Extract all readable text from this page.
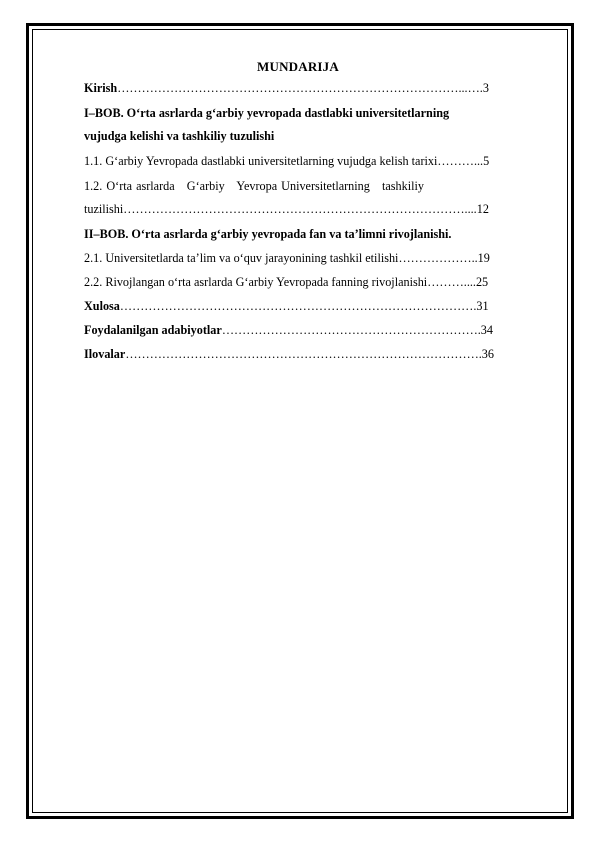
MUNDARIJA
Kirish…………………………………………………………………………...….3
I–BOB. O‘rta asrlarda g‘arbiy yevropada dastlabki universitetlarning
vujudga kelishi va tashkiliy tuzulishi
1.1. G‘arbiy Yevropada dastlabki universitetlarning vujudga kelish tarixi………...5
1.2. O‘rta asrlarda   G‘arbiy   Yevropa Universitetlarning   tashkiliy
tuzilishi…………………………………………………………………………....12
II–BOB. O‘rta asrlarda g‘arbiy yevropada fan va ta’limni rivojlanishi.
2.1. Universitetlarda ta’lim va o‘quv jarayonining tashkil etilishi………………..19
2.2. Rivojlangan o‘rta asrlarda G‘arbiy Yevropada fanning rivojlanishi………....25
Xulosa…………………………………………………………………………….31
Foydalanilgan adabiyotlar……………………………………………………….34
Ilovalar…………………………………………………………………………….36
